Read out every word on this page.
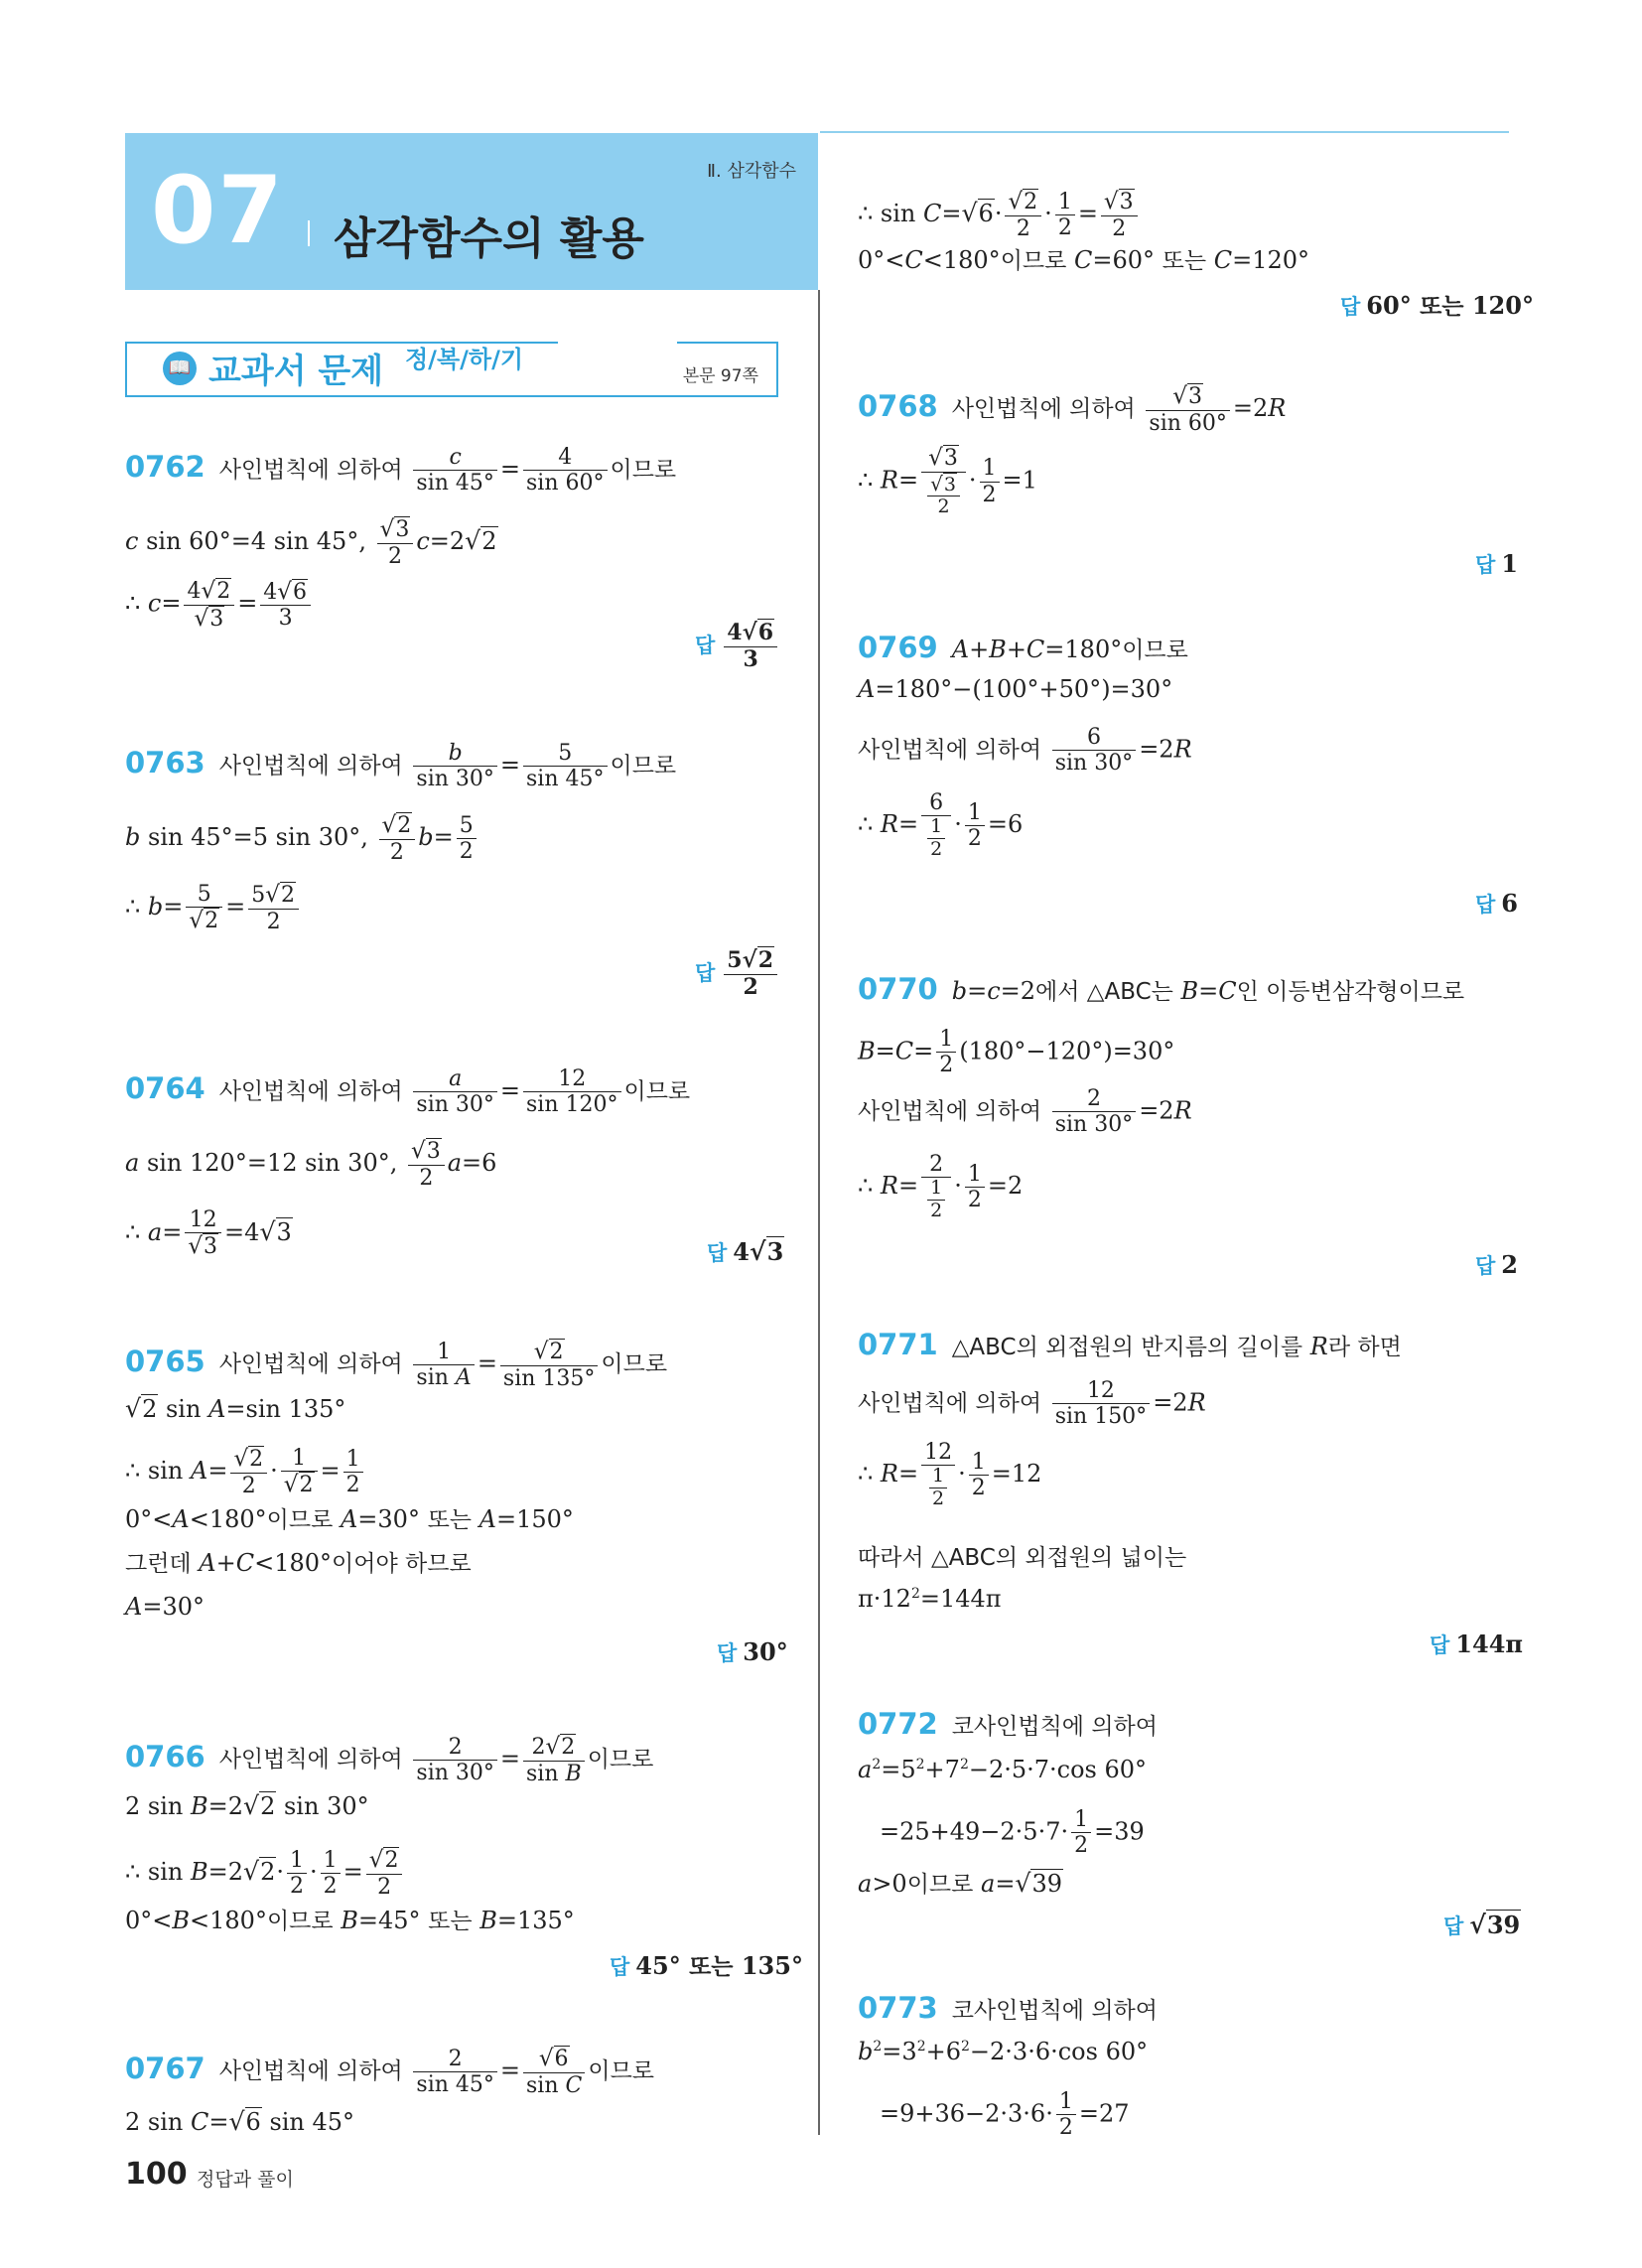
07 삼각함수의 활용
Ⅱ. 삼각함수
📖 교과서 문제 정/복/하/기
본문 97쪽
0762 사인법칙에 의하여 $\frac{c}{\sin 45^\circ} = \frac{4}{\sin 60^\circ}$ 이므로
c sin 60°=4 sin 45°, $\frac{√3}{2} c=2√2$
∴ $c= \frac{4√2}{√3} = \frac{4√6}{3}$
답 $\frac{4√6}{3}$
0763 사인법칙에 의하여 $\frac{b}{\sin 30^\circ} = \frac{5}{\sin 45^\circ}$ 이므로
b sin 45°=5 sin 30°, $\frac{√2}{2} b= \frac{5}{2}$
∴ $b= \frac{5}{√2} = \frac{5√2}{2}$
답 $\frac{5√2}{2}$
0764 사인법칙에 의하여 $\frac{a}{\sin 30^\circ} = \frac{12}{\sin 120^\circ}$ 이므로
a sin 120°=12 sin 30°, $\frac{√3}{2} a=6$
∴ $a= \frac{12}{√3} =4√3$
답 4√3
0765 사인법칙에 의하여 $\frac{1}{\text{sin A}} = \frac{√2}{\sin 135^\circ}$ 이므로
√2 sin A=sin 135°
∴ $\sin A= \frac{√2}{2} \cdot \frac{1}{√2} = \frac{1}{2}$
0°<A<180°이므로 A=30° 또는 A=150°
그런데 A+C<180°이어야 하므로
A=30°
답 30°
0766 사인법칙에 의하여 $\frac{2}{\sin 30^\circ} = \frac{2√2}{\text{sin B}}$ 이므로
2 sin B=2√2 sin 30°
∴ $\sin B=2√2\cdot \frac{1}{2} \cdot \frac{1}{2} = \frac{√2}{2}$
0°<B<180°이므로 B=45° 또는 B=135°
답 45° 또는 135°
0767 사인법칙에 의하여 $\frac{2}{\sin 45^\circ} = \frac{√6}{\text{sin C}}$ 이므로
2 sin C=√6 sin 45°
∴ $\sin C=√6\cdot \frac{√2}{2} \cdot \frac{1}{2} = \frac{√3}{2}$
0°<C<180°이므로 C=60° 또는 C=120°
답 60° 또는 120°
0768 사인법칙에 의하여 $\frac{√3}{\sin 60^\circ} =2R$
∴ $R= \frac{√3}{\frac{√3}{2}} \cdot \frac{1}{2} =1$
답 1
0769 A+B+C=180°이므로
A=180°−(100°+50°)=30°
사인법칙에 의하여 $\frac{6}{\sin 30^\circ} =2R$
∴ $R= \frac{6}{\frac{1}{2}} \cdot \frac{1}{2} =6$
답 6
0770 b=c=2에서 △ABC는 B=C인 이등변삼각형이므로
$B=C= \frac{1}{2} (180^\circ-120^\circ)=30^\circ$
사인법칙에 의하여 $\frac{2}{\sin 30^\circ} =2R$
∴ $R= \frac{2}{\frac{1}{2}} \cdot \frac{1}{2} =2$
답 2
0771 △ABC의 외접원의 반지름의 길이를 R라 하면
사인법칙에 의하여 $\frac{12}{\sin 150^\circ} =2R$
∴ $R= \frac{12}{\frac{1}{2}} \cdot \frac{1}{2} =12$
따라서 △ABC의 외접원의 넓이는
$\pi\cdot 12^2=144\pi$
답 144π
0772 코사인법칙에 의하여
$a^2=5^2+7^2-2\cdot 5\cdot 7\cdot\cos$ 60°
$=25+49-2\cdot 5\cdot 7\cdot \frac{1}{2} =39$
a>0이므로 a=√39
답 √39
0773 코사인법칙에 의하여
$b^2=3^2+6^2-2\cdot 3\cdot 6\cdot\cos$ 60°
$=9+36-2\cdot 3\cdot 6\cdot \frac{1}{2} =27$
100 정답과 풀이
